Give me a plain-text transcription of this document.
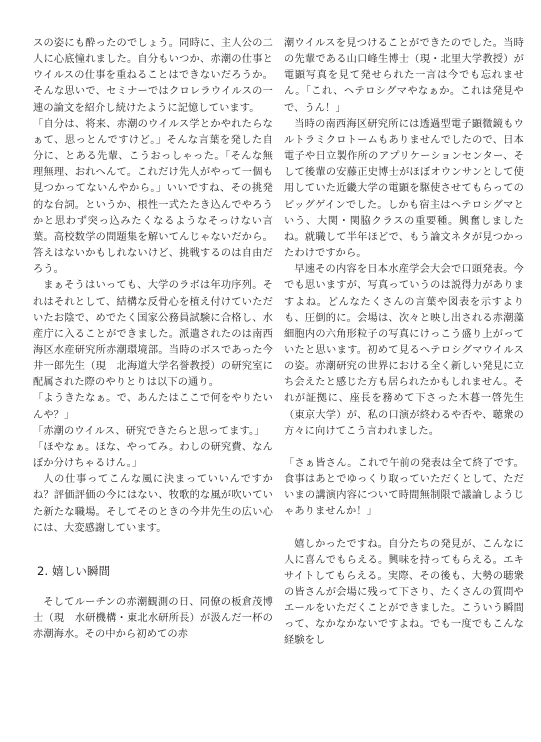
スの姿にも酔ったのでしょう。同時に、主人公の二人に心底憧れました。自分もいつか、赤潮の仕事とウイルスの仕事を重ねることはできないだろうか。そんな思いで、セミナーではクロレラウイルスの一連の論文を紹介し続けたように記憶しています。

「自分は、将来、赤潮のウイルス学とかやれたらなぁて、思っとんですけど。」そんな言葉を発した自分に、とある先輩、こうおっしゃった。「そんな無理無理、おれへんて。これだけ先人がやって一個も見つかってないんやから。」いいですね、その挑発的な台詞。というか、根性一式たたき込んでやろうかと思わず突っ込みたくなるようなそっけない言葉。高校数学の問題集を解いてんじゃないだから。答えはないかもしれないけど、挑戦するのは自由だろう。

まぁそうはいっても、大学のラボは年功序列。それはそれとして、結構な反骨心を植え付けていただいたお陰で、めでたく国家公務員試験に合格し、水産庁に入ることができました。派遣されたのは南西海区水産研究所赤潮環境部。当時のボスであった今井一郎先生（現　北海道大学名誉教授）の研究室に配属された際のやりとりは以下の通り。

「ようきたなぁ。で、あんたはここで何をやりたいんや？」

「赤潮のウイルス、研究できたらと思ってます。」

「ほやなぁ。ほな、やってみ。わしの研究費、なんぼか分けちゃるけん。」

人の仕事ってこんな風に決まっていいんですかね？評価評価の今にはない、牧歌的な風が吹いていた新たな職場。そしてそのときの今井先生の広い心には、大変感謝しています。

2. 嬉しい瞬間

そしてルーチンの赤潮観測の日、同僚の板倉茂博士（現　水研機構・東北水研所長）が汲んだ一杯の赤潮海水。その中から初めての赤

潮ウイルスを見つけることができたのでした。当時の先輩である山口峰生博士（現・北里大学教授）が電顕写真を見て発せられた一言は今でも忘れません。「これ、ヘテロシグマやなぁか。これは発見やで、うん！」

当時の南西海区研究所には透過型電子顕微鏡もウルトラミクロトームもありませんでしたので、日本電子や日立製作所のアプリケーションセンター、そして後輩の安藤正史博士がほぼオウンサンとして使用していた近畿大学の電顕を駆使させてもらってのビッグゲインでした。しかも宿主はヘテロシグマという、大関・関脇クラスの重要種。興奮しましたね。就職して半年ほどで、もう論文ネタが見つかったわけですから。

早速その内容を日本水産学会大会で口頭発表。今でも思いますが、写真っていうのは説得力がありますよね。どんなたくさんの言葉や図表を示すよりも、圧倒的に。会場は、次々と映し出される赤潮藻細胞内の六角形粒子の写真にけっこう盛り上がっていたと思います。初めて見るヘテロシグマウイルスの姿。赤潮研究の世界における全く新しい発見に立ち会えたと感じた方も居られたかもしれません。それが証拠に、座長を務めて下さった木暮一啓先生（東京大学）が、私の口演が終わるや否や、聴衆の方々に向けてこう言われました。

「さぁ皆さん。これで午前の発表は全て終了です。食事はあとでゆっくり取っていただくとして、ただいまの講演内容について時間無制限で議論しようじゃありませんか！」

嬉しかったですね。自分たちの発見が、こんなに人に喜んでもらえる。興味を持ってもらえる。エキサイトしてもらえる。実際、その後も、大勢の聴衆の皆さんが会場に残って下さり、たくさんの質問やエールをいただくことができました。こういう瞬間って、なかなかないですよね。でも一度でもこんな経験をし
